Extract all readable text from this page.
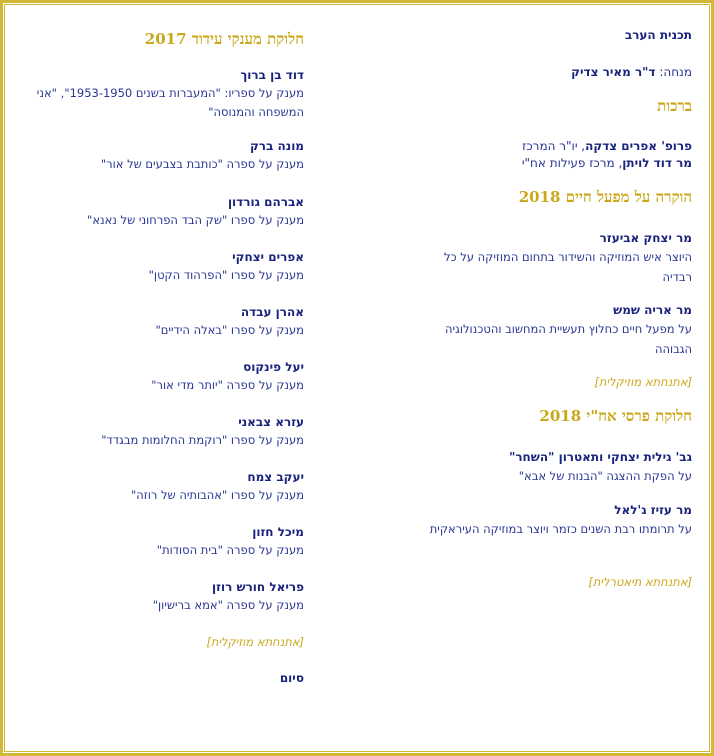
תכנית הערב
מנחה: ד"ר מאיר צדיק
ברכות
פרופ' אפרים צדקה, יו"ר המרכז
מר דוד לויתן, מרכז פעילות אח"י
הוקרה על מפעל חיים 2018
מר יצחק אביעזר
היוצר איש המוזיקה והשידור בתחום המוזיקה על כל רבדיה
מר אריה שמש
על מפעל חיים כחלוץ תעשיית המחשוב והטכנולוגיה הגבוהה
[אתנחתא מוזיקלית]
חלוקת פרסי אח"י 2018
גב' גילית יצחקי ותאטרון "השחר"
על הפקת ההצגה "הבנות של אבא"
מר עזיז ג'לאל
על תרומתו רבת השנים כזמר ויוצר במוזיקה העיראקית
[אתנחתא תיאטרלית]
חלוקת מענקי עידוד 2017
דוד בן ברוך
מענק על ספריו: "המעברות בשנים 1953-1950", "אני המשפחה והמנוסה"
מונה ברק
מענק על ספרה "כותבת בצבעים של אור"
אברהם גורדון
מענק על ספרו "שק הבד הפרחוני של נאנא"
אפרים יצחקי
מענק על ספרו "הפרהוד הקטן"
אהרן עבדה
מענק על ספרו "באלה הידיים"
יעל פינקוס
מענק על ספרה "יותר מדי אור"
עזרא צבאני
מענק על ספרו "רוקמת החלומות מבגדד"
יעקב צמח
מענק על ספרו "אהבותיה של רוזה"
מיכל חזון
מענק על ספרה "בית הסודות"
פריאל חורש רוזן
מענק על ספרה "אמא ברישיון"
[אתנחתא מוזיקלית]
סיום
